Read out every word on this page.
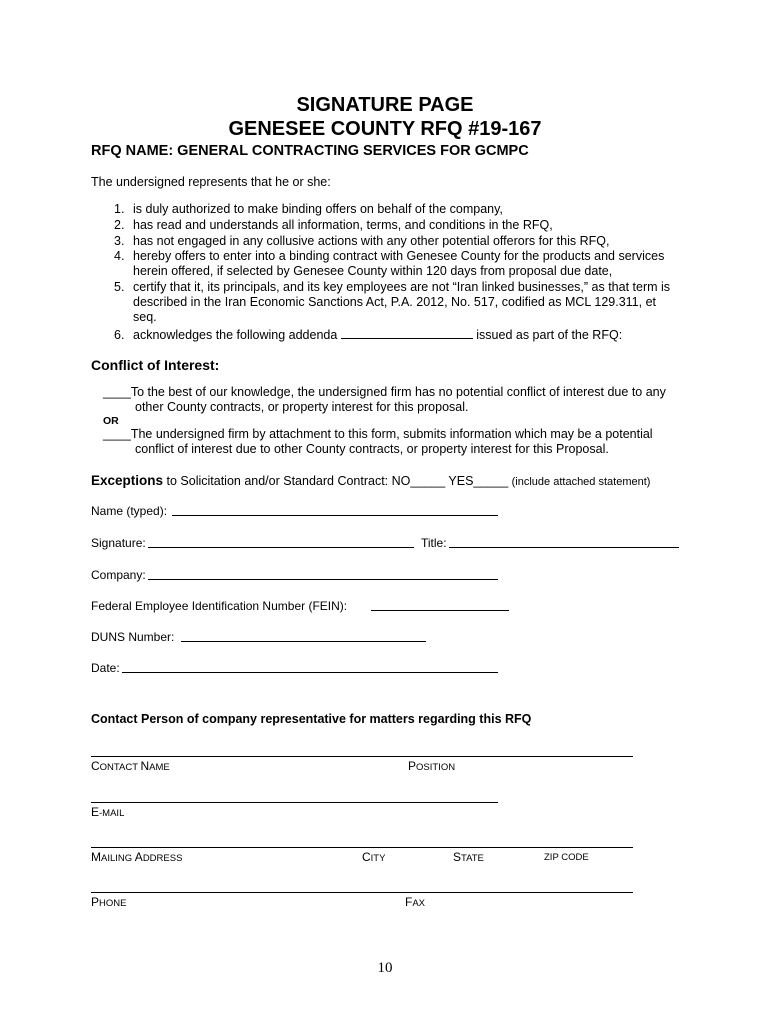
SIGNATURE PAGE
GENESEE COUNTY RFQ #19-167
RFQ NAME: GENERAL CONTRACTING SERVICES FOR GCMPC
The undersigned represents that he or she:
1. is duly authorized to make binding offers on behalf of the company,
2. has read and understands all information, terms, and conditions in the RFQ,
3. has not engaged in any collusive actions with any other potential offerors for this RFQ,
4. hereby offers to enter into a binding contract with Genesee County for the products and services
herein offered, if selected by Genesee County within 120 days from proposal due date,
5. certify that it, its principals, and its key employees are not “Iran linked businesses,” as that term is
described in the Iran Economic Sanctions Act, P.A. 2012, No. 517, codified as MCL 129.311, et
seq.
6. acknowledges the following addenda	issued as part of the RFQ:
Conflict of Interest:
____To the best of our knowledge, the undersigned firm has no potential conflict of interest due to any
other County contracts, or property interest for this proposal.
OR
____The undersigned firm by attachment to this form, submits information which may be a potential
conflict of interest due to other County contracts, or property interest for this Proposal.
Exceptions to Solicitation and/or Standard Contract: NO_____ YES_____ (include attached statement)
Name (typed):
Signature:	Title:
Company:
Federal Employee Identification Number (FEIN):
DUNS Number:
Date:
Contact Person of company representative for matters regarding this RFQ
CONTACT NAME	POSITION
E-MAIL
MAILING ADDRESS	CITY	STATE	ZIP CODE
PHONE	FAX
10
